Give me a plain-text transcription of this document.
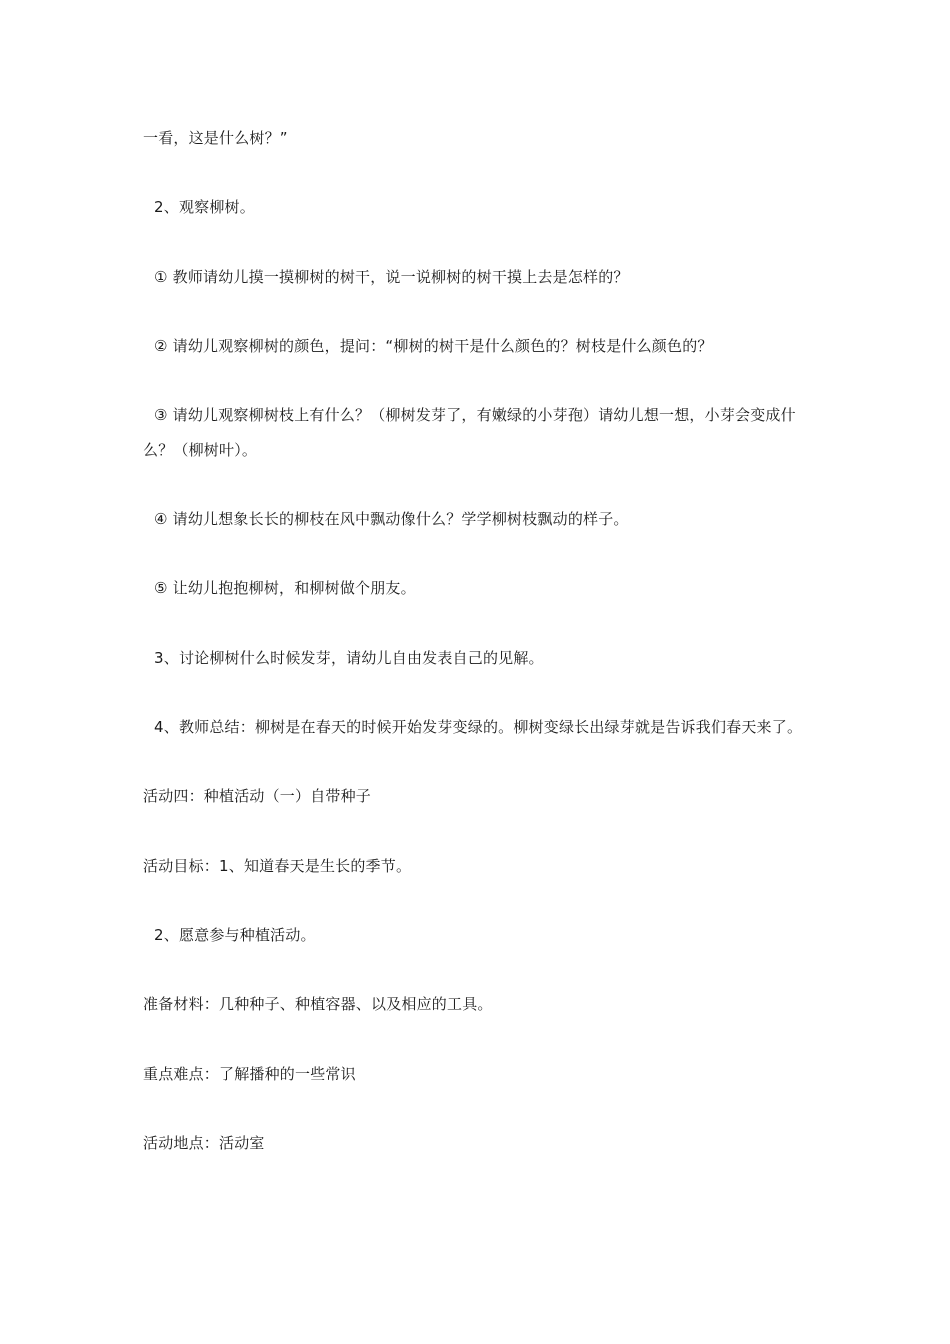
一看，这是什么树？”
2、观察柳树。
① 教师请幼儿摸一摸柳树的树干，说一说柳树的树干摸上去是怎样的？
② 请幼儿观察柳树的颜色，提问：“柳树的树干是什么颜色的？树枝是什么颜色的？
③ 请幼儿观察柳树枝上有什么？（柳树发芽了，有嫩绿的小芽孢）请幼儿想一想，小芽会变成什
么？（柳树叶）。
④ 请幼儿想象长长的柳枝在风中飘动像什么？学学柳树枝飘动的样子。
⑤ 让幼儿抱抱柳树，和柳树做个朋友。
3、讨论柳树什么时候发芽，请幼儿自由发表自己的见解。
4、教师总结：柳树是在春天的时候开始发芽变绿的。柳树变绿长出绿芽就是告诉我们春天来了。
活动四：种植活动（一）自带种子
活动目标：1、知道春天是生长的季节。
2、愿意参与种植活动。
准备材料：几种种子、种植容器、以及相应的工具。
重点难点：了解播种的一些常识
活动地点：活动室
